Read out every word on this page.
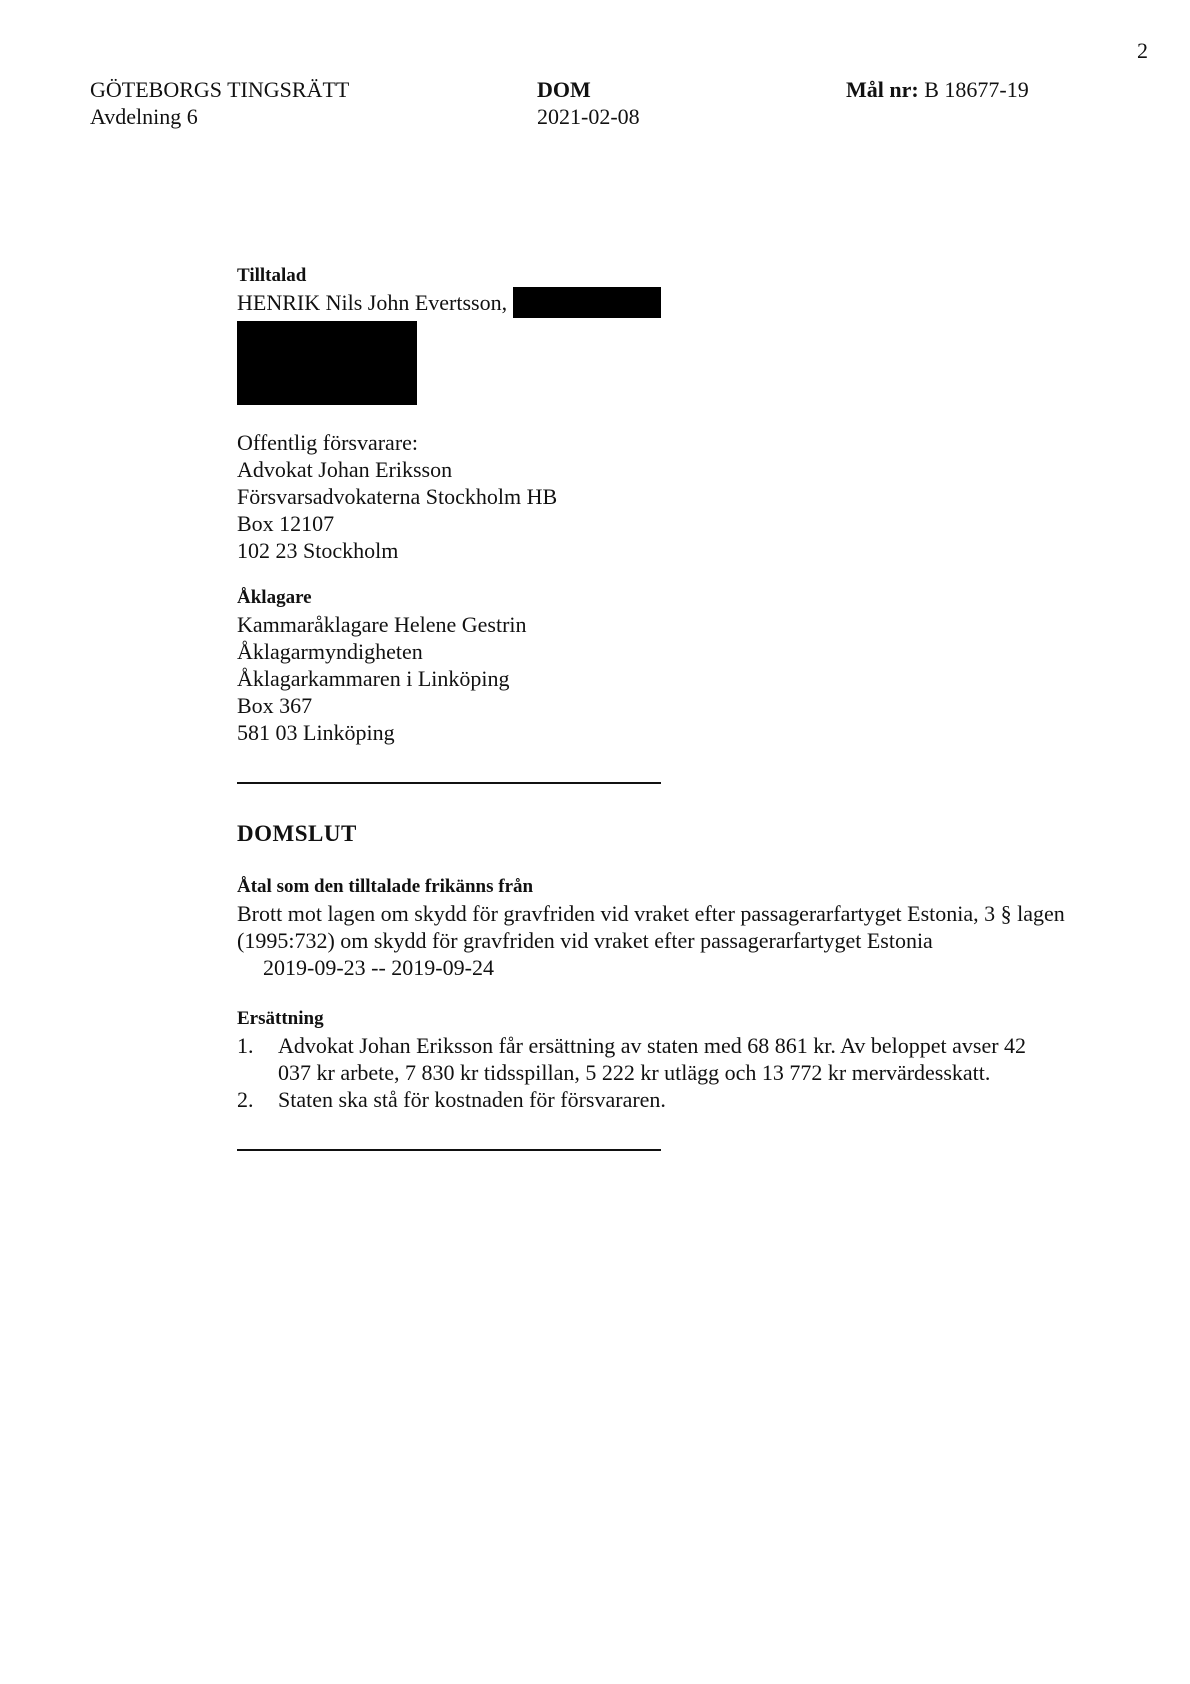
2
GÖTEBORGS TINGSRÄTT
Avdelning 6
DOM
2021-02-08
Mål nr: B 18677-19
Tilltalad
HENRIK Nils John Evertsson,
Offentlig försvarare:
Advokat Johan Eriksson
Försvarsadvokaterna Stockholm HB
Box 12107
102 23 Stockholm
Åklagare
Kammaråklagare Helene Gestrin
Åklagarmyndigheten
Åklagarkammaren i Linköping
Box 367
581 03 Linköping
DOMSLUT
Åtal som den tilltalade frikänns från
Brott mot lagen om skydd för gravfriden vid vraket efter passagerarfartyget Estonia, 3 § lagen
(1995:732) om skydd för gravfriden vid vraket efter passagerarfartyget Estonia
2019-09-23 -- 2019-09-24
Ersättning
1. Advokat Johan Eriksson får ersättning av staten med 68 861 kr. Av beloppet avser 42
037 kr arbete, 7 830 kr tidsspillan, 5 222 kr utlägg och 13 772 kr mervärdesskatt.
2. Staten ska stå för kostnaden för försvararen.
